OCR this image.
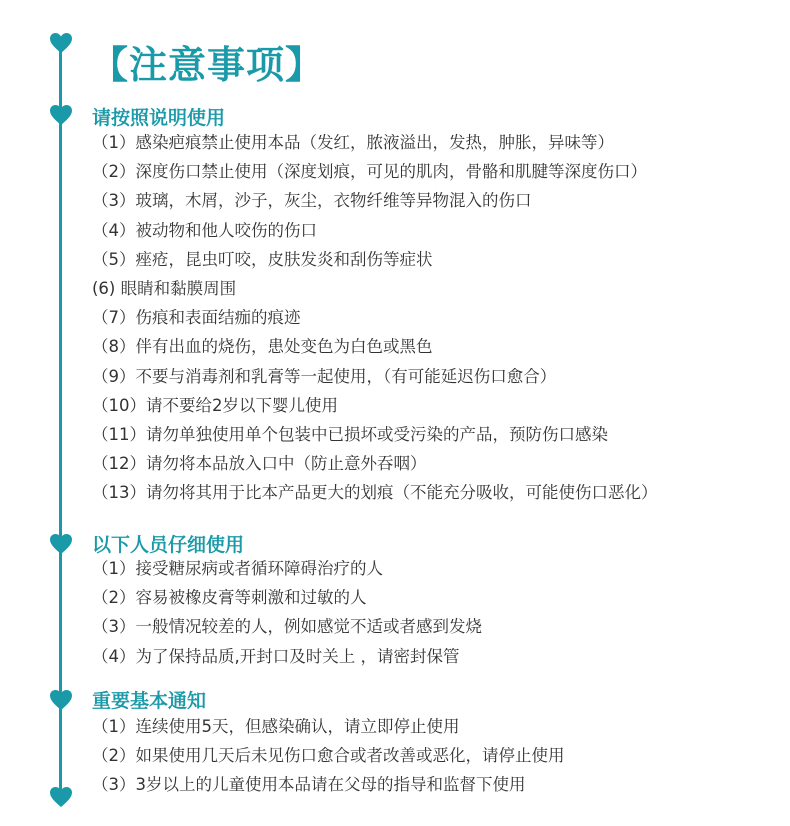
【注意事项】
请按照说明使用
（1）感染疤痕禁止使用本品（发红，脓液溢出，发热，肿胀，异味等）
（2）深度伤口禁止使用（深度划痕，可见的肌肉，骨骼和肌腱等深度伤口）
（3）玻璃，木屑，沙子，灰尘，衣物纤维等异物混入的伤口
（4）被动物和他人咬伤的伤口
（5）痤疮，昆虫叮咬，皮肤发炎和刮伤等症状
(6) 眼睛和黏膜周围
（7）伤痕和表面结痂的痕迹
（8）伴有出血的烧伤，患处变色为白色或黑色
（9）不要与消毒剂和乳膏等一起使用，（有可能延迟伤口愈合）
（10）请不要给2岁以下婴儿使用
（11）请勿单独使用单个包装中已损坏或受污染的产品，预防伤口感染
（12）请勿将本品放入口中（防止意外吞咽）
（13）请勿将其用于比本产品更大的划痕（不能充分吸收，可能使伤口恶化）
以下人员仔细使用
（1）接受糖尿病或者循环障碍治疗的人
（2）容易被橡皮膏等刺激和过敏的人
（3）一般情况较差的人，例如感觉不适或者感到发烧
（4）为了保持品质,开封口及时关上 ，请密封保管
重要基本通知
（1）连续使用5天，但感染确认，请立即停止使用
（2）如果使用几天后未见伤口愈合或者改善或恶化，请停止使用
（3）3岁以上的儿童使用本品请在父母的指导和监督下使用
